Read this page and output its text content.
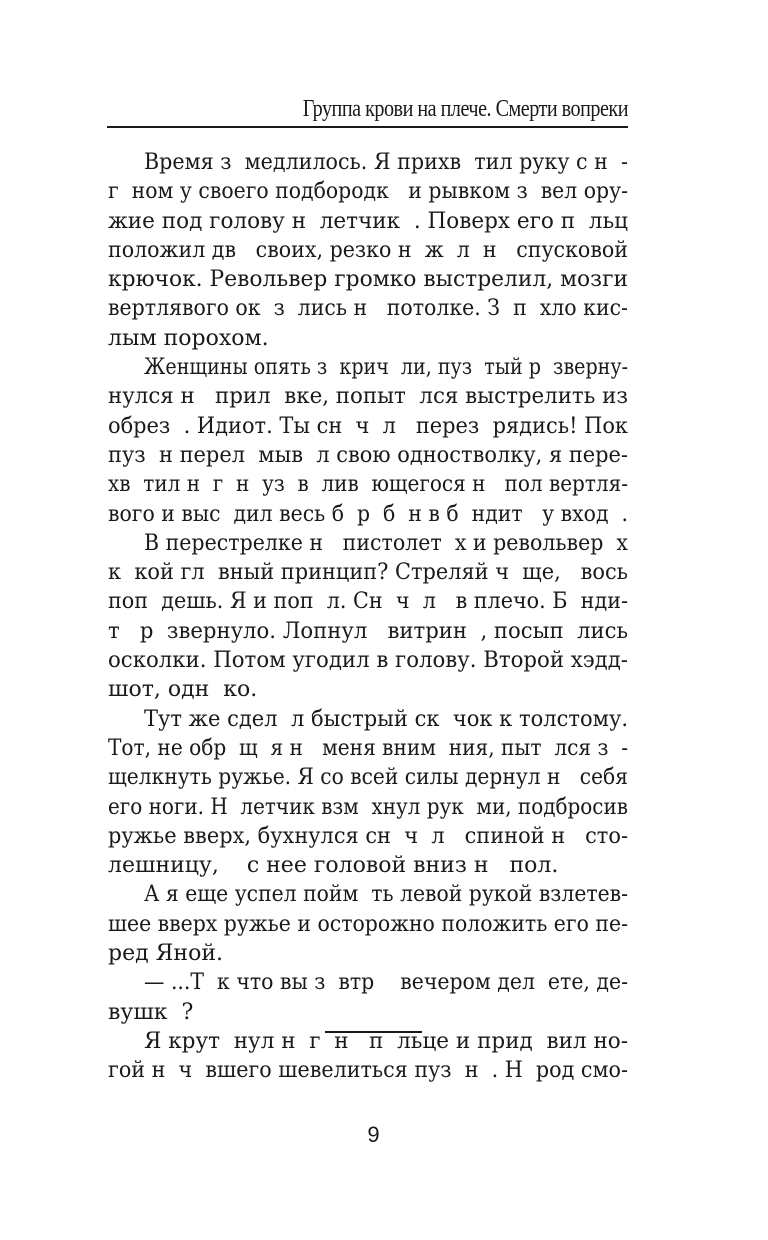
Группа крови на плече. Смерти вопреки
Время з  медлилось. Я прихв  тил руку с н  -
г  ном у своего подбородк   и рывком з  вел ору-
жие под голову н  летчик  . Поверх его п  льц
положил дв   своих, резко н  ж  л  н   спусковой
крючок. Револьвер громко выстрелил, мозги
вертлявого ок  з  лись н   потолке. З  п  хло кис-
лым порохом.
Женщины опять з  крич  ли, пуз  тый р  зверну-
нулся н   прил  вке, попыт  лся выстрелить из
обрез  . Идиот. Ты сн  ч  л   перез  рядись! Пок
пуз  н перел  мыв  л свою одностволку, я пере-
хв  тил н  г  н  уз  в  лив  ющегося н   пол вертля-
вого и выс  дил весь б  р  б  н в б  ндит   у вход  .
В перестрелке н   пистолет  х и револьвер  х
к  кой гл  вный принцип? Стреляй ч  ще,   вось
поп  дешь. Я и поп  л. Сн  ч  л   в плечо. Б  нди-
т   р  звернуло. Лопнул   витрин  , посып  лись
осколки. Потом угодил в голову. Второй хэдд-
шот, одн  ко.
Тут же сдел  л быстрый ск  чок к толстому.
Тот, не обр  щ  я н   меня вним  ния, пыт  лся з  -
щелкнуть ружье. Я со всей силы дернул н   себя
его ноги. Н  летчик взм  хнул рук  ми, подбросив
ружье вверх, бухнулся сн  ч  л   спиной н   сто-
лешницу,    с нее головой вниз н   пол.
А я еще успел пойм  ть левой рукой взлетев-
шее вверх ружье и осторожно положить его пе-
ред Яной.
— ...Т  к что вы з  втр    вечером дел  ете, де-
вушк  ?
Я крут  нул н  г  н   п  льце и прид  вил но-
гой н  ч  вшего шевелиться пуз  н  . Н  род смо-
9
